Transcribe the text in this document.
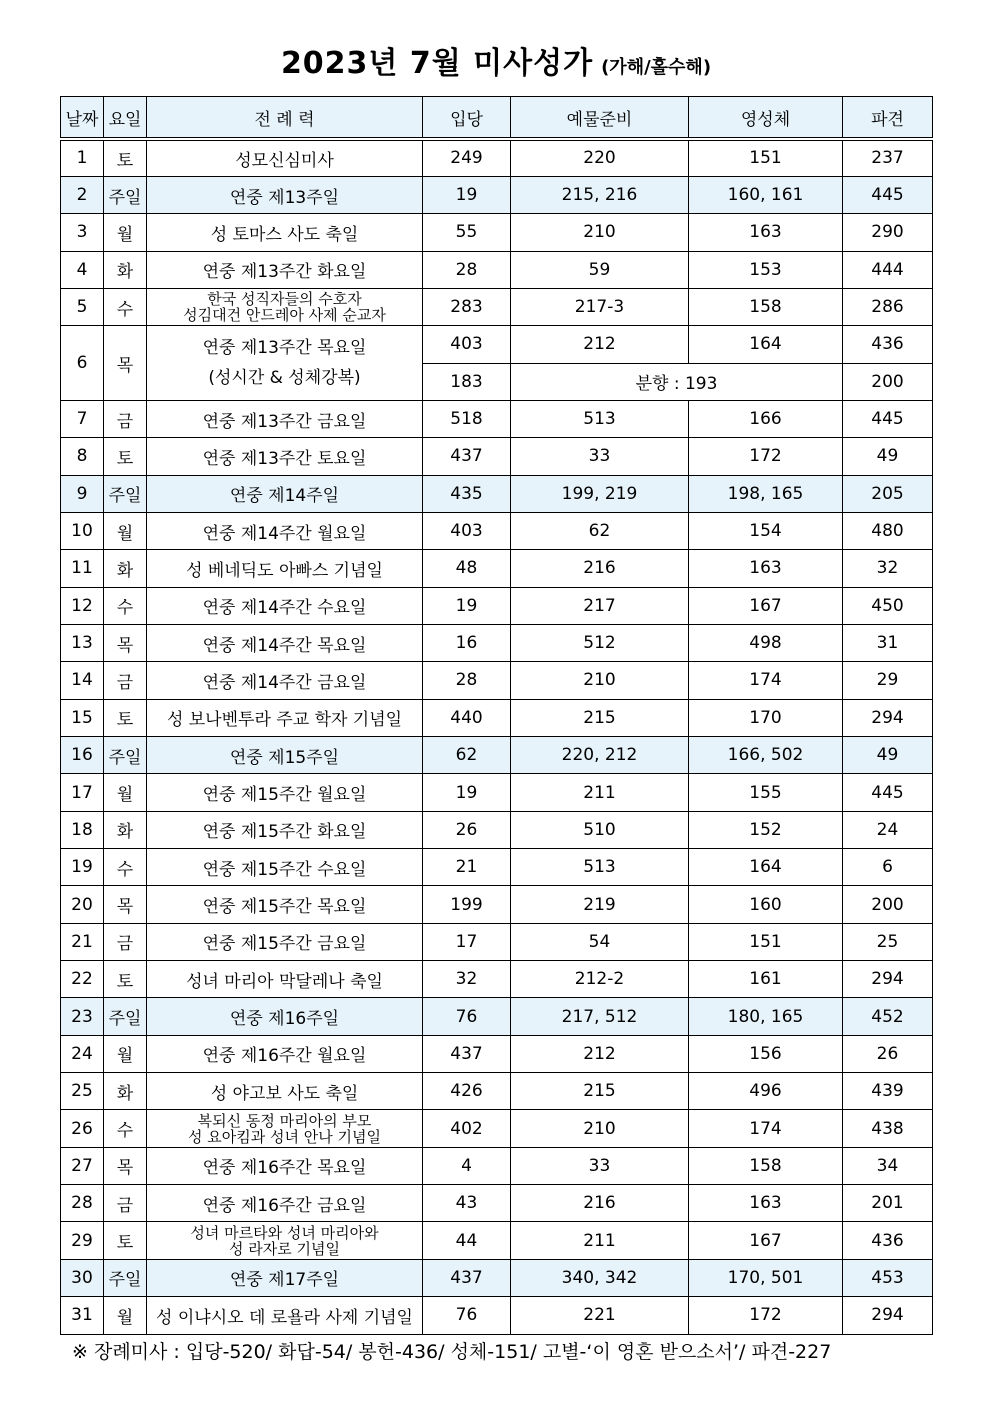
2023년 7월 미사성가 (가해/홀수해)
날짜	요일	전 례 력	입당	예물준비	영성체	파견
1	토	성모신심미사	249	220	151	237
2	주일	연중 제13주일	19	215, 216	160, 161	445
3	월	성 토마스 사도 축일	55	210	163	290
4	화	연중 제13주간 화요일	28	59	153	444
5	수	한국 성직자들의 수호자
성김대건 안드레아 사제 순교자	283	217-3	158	286
6	목	연중 제13주간 목요일
(성시간 & 성체강복)	403	212	164	436
			183	분향 : 193		200
7	금	연중 제13주간 금요일	518	513	166	445
8	토	연중 제13주간 토요일	437	33	172	49
9	주일	연중 제14주일	435	199, 219	198, 165	205
10	월	연중 제14주간 월요일	403	62	154	480
11	화	성 베네딕도 아빠스 기념일	48	216	163	32
12	수	연중 제14주간 수요일	19	217	167	450
13	목	연중 제14주간 목요일	16	512	498	31
14	금	연중 제14주간 금요일	28	210	174	29
15	토	성 보나벤투라 주교 학자 기념일	440	215	170	294
16	주일	연중 제15주일	62	220, 212	166, 502	49
17	월	연중 제15주간 월요일	19	211	155	445
18	화	연중 제15주간 화요일	26	510	152	24
19	수	연중 제15주간 수요일	21	513	164	6
20	목	연중 제15주간 목요일	199	219	160	200
21	금	연중 제15주간 금요일	17	54	151	25
22	토	성녀 마리아 막달레나 축일	32	212-2	161	294
23	주일	연중 제16주일	76	217, 512	180, 165	452
24	월	연중 제16주간 월요일	437	212	156	26
25	화	성 야고보 사도 축일	426	215	496	439
26	수	복되신 동정 마리아의 부모
성 요아킴과 성녀 안나 기념일	402	210	174	438
27	목	연중 제16주간 목요일	4	33	158	34
28	금	연중 제16주간 금요일	43	216	163	201
29	토	성녀 마르타와 성녀 마리아와
성 라자로 기념일	44	211	167	436
30	주일	연중 제17주일	437	340, 342	170, 501	453
31	월	성 이냐시오 데 로욜라 사제 기념일	76	221	172	294
※ 장례미사 : 입당-520/ 화답-54/ 봉헌-436/ 성체-151/ 고별-‘이 영혼 받으소서’/ 파견-227
